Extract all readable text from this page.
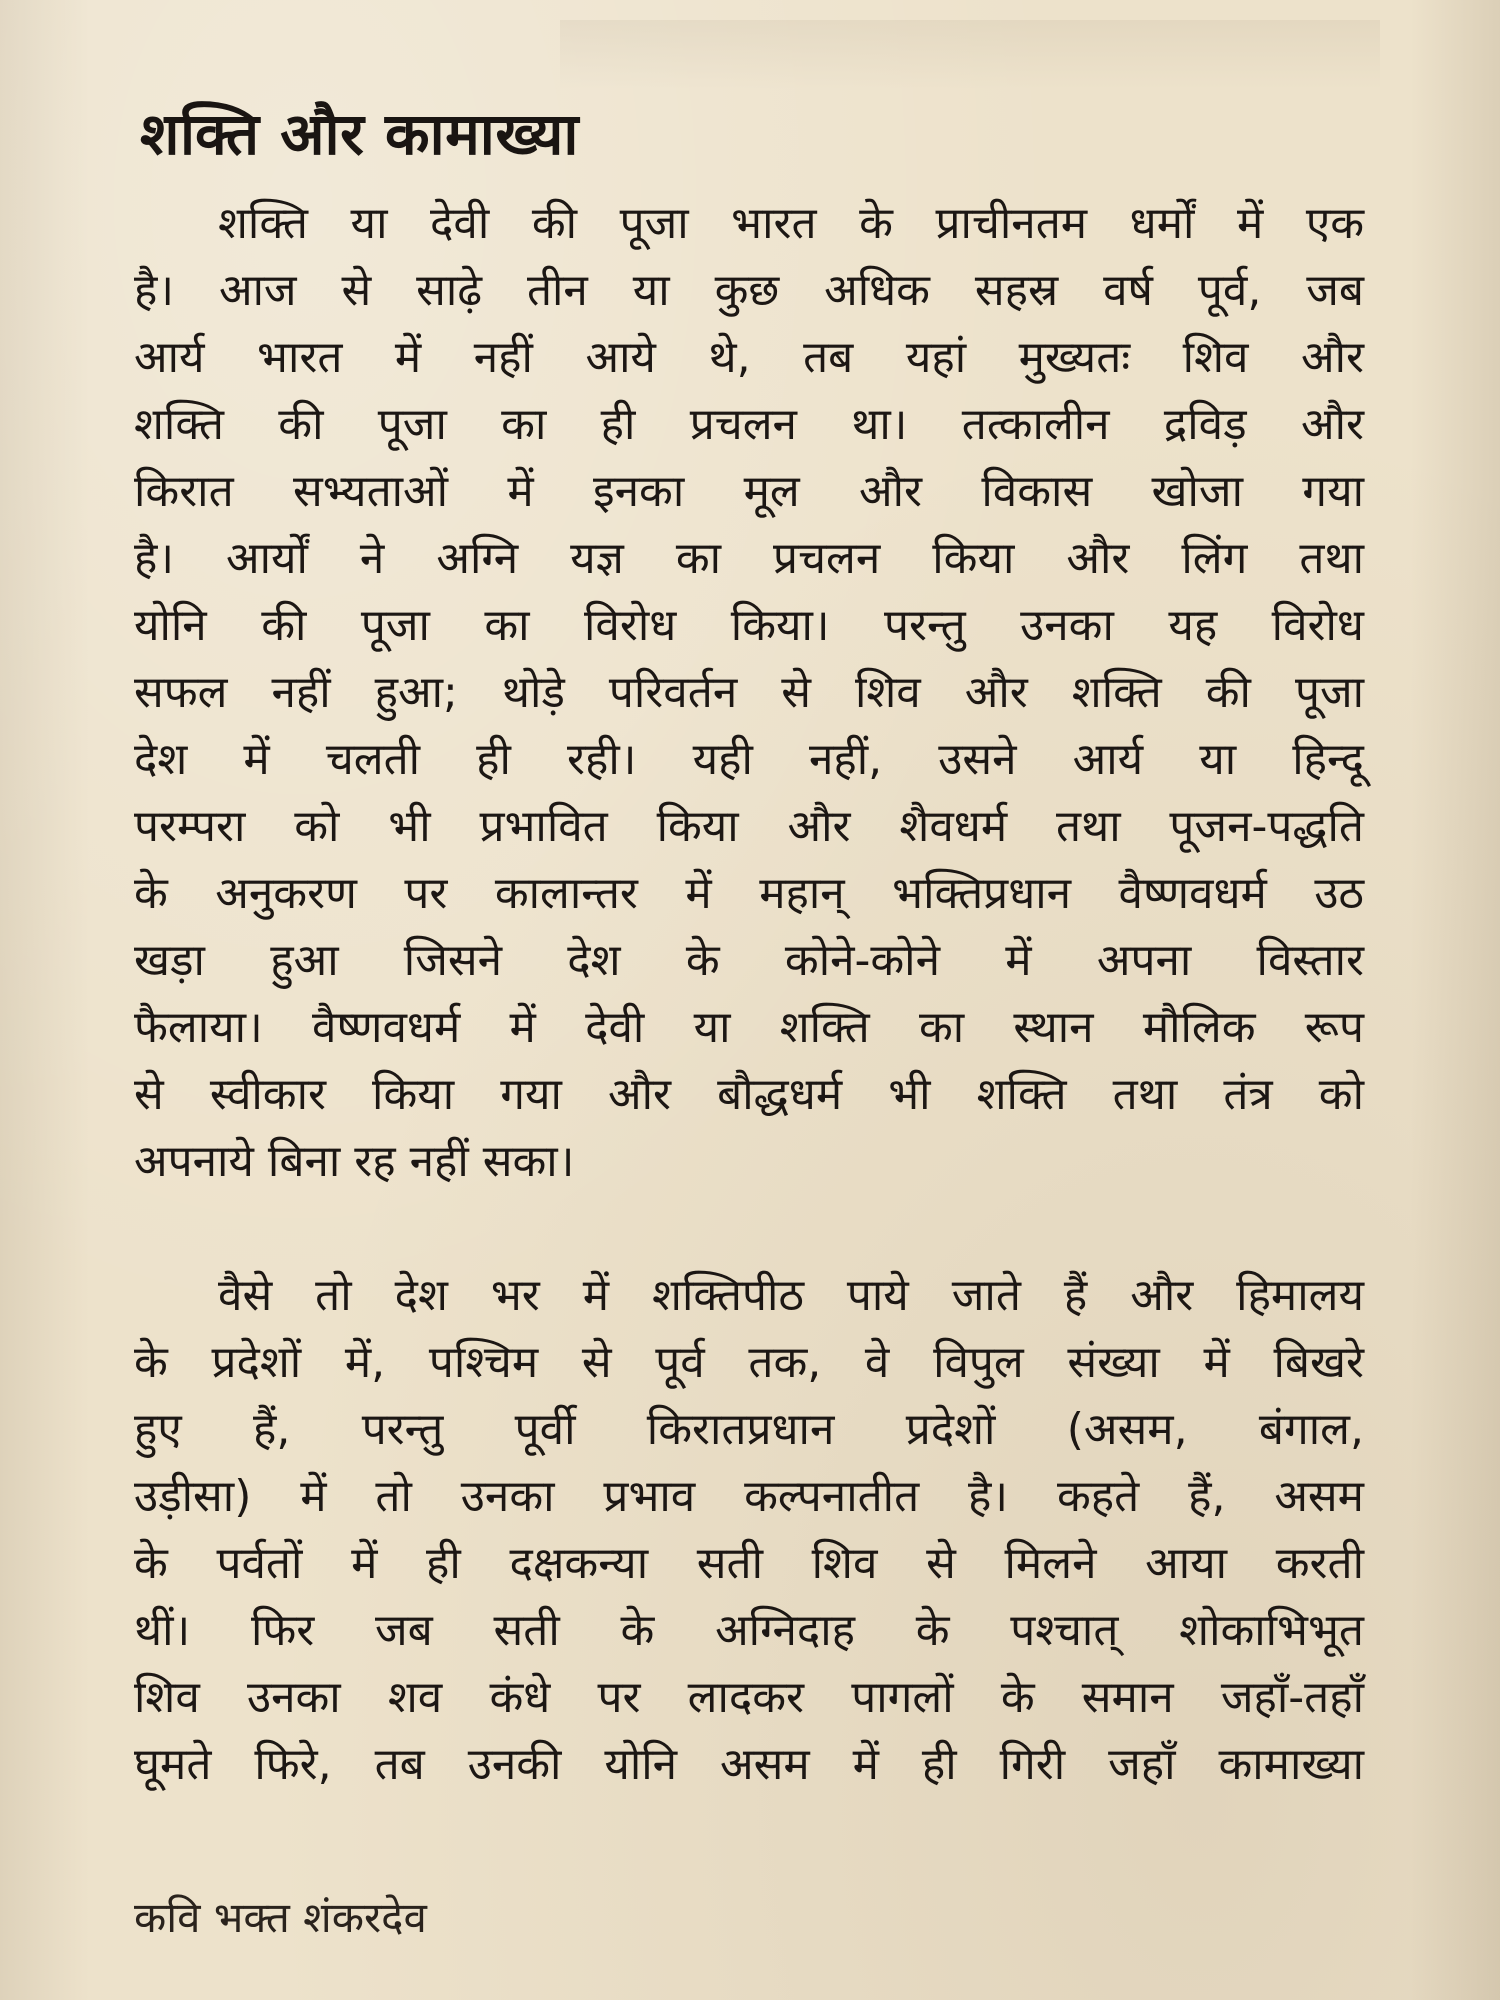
शक्ति और कामाख्या
शक्ति या देवी की पूजा भारत के प्राचीनतम धर्मों में एक
है। आज से साढ़े तीन या कुछ अधिक सहस्र वर्ष पूर्व, जब
आर्य भारत में नहीं आये थे, तब यहां मुख्यतः शिव और
शक्ति की पूजा का ही प्रचलन था। तत्कालीन द्रविड़ और
किरात सभ्यताओं में इनका मूल और विकास खोजा गया
है। आर्यों ने अग्नि यज्ञ का प्रचलन किया और लिंग तथा
योनि की पूजा का विरोध किया। परन्तु उनका यह विरोध
सफल नहीं हुआ; थोड़े परिवर्तन से शिव और शक्ति की पूजा
देश में चलती ही रही। यही नहीं, उसने आर्य या हिन्दू
परम्परा को भी प्रभावित किया और शैवधर्म तथा पूजन-पद्धति
के अनुकरण पर कालान्तर में महान् भक्तिप्रधान वैष्णवधर्म उठ
खड़ा हुआ जिसने देश के कोने-कोने में अपना विस्तार
फैलाया। वैष्णवधर्म में देवी या शक्ति का स्थान मौलिक रूप
से स्वीकार किया गया और बौद्धधर्म भी शक्ति तथा तंत्र को
अपनाये बिना रह नहीं सका।
वैसे तो देश भर में शक्तिपीठ पाये जाते हैं और हिमालय
के प्रदेशों में, पश्चिम से पूर्व तक, वे विपुल संख्या में बिखरे
हुए हैं, परन्तु पूर्वी किरातप्रधान प्रदेशों (असम, बंगाल,
उड़ीसा) में तो उनका प्रभाव कल्पनातीत है। कहते हैं, असम
के पर्वतों में ही दक्षकन्या सती शिव से मिलने आया करती
थीं। फिर जब सती के अग्निदाह के पश्चात् शोकाभिभूत
शिव उनका शव कंधे पर लादकर पागलों के समान जहाँ-तहाँ
घूमते फिरे, तब उनकी योनि असम में ही गिरी जहाँ कामाख्या
कवि भक्त शंकरदेव
